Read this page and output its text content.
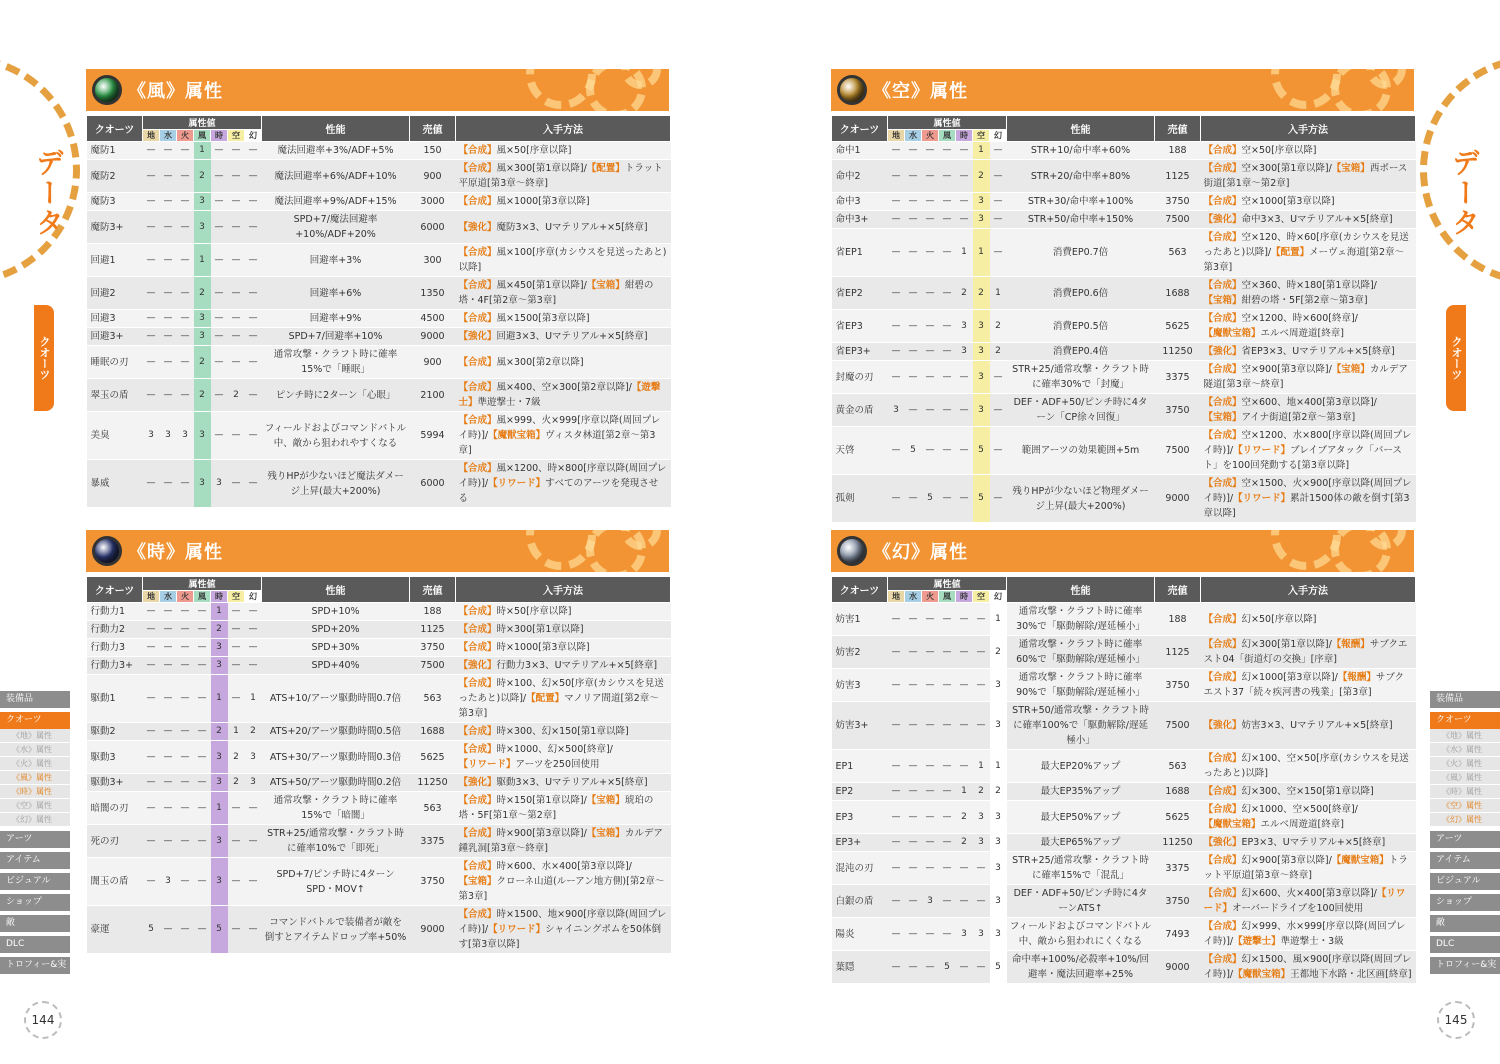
データ	データ
クオーツ	クオーツ
装備品
クオーツ
《地》属性
《水》属性
《火》属性
《風》属性
《時》属性
《空》属性
《幻》属性
アーツ
アイテム
ビジュアル
ショップ
敵
DLC
トロフィー&実績
装備品
クオーツ
《地》属性
《水》属性
《火》属性
《風》属性
《時》属性
《空》属性
《幻》属性
アーツ
アイテム
ビジュアル
ショップ
敵
DLC
トロフィー&実績
144	145
《風》属性
クオーツ	属性値							性能	売値	入手方法
	地	水	火	風	時	空	幻			
魔防1	—	—	—	1	—	—	—	魔法回避率+3%/ADF+5%	150	【合成】風×50[序章以降]
魔防2	—	—	—	2	—	—	—	魔法回避率+6%/ADF+10%	900	【合成】風×300[第1章以降]/【配置】トラット平原道[第3章～終章]
魔防3	—	—	—	3	—	—	—	魔法回避率+9%/ADF+15%	3000	【合成】風×1000[第3章以降]
魔防3+	—	—	—	3	—	—	—	SPD+7/魔法回避率+10%/ADF+20%	6000	【強化】魔防3×3、Uマテリアル+×5[終章]
回避1	—	—	—	1	—	—	—	回避率+3%	300	【合成】風×100[序章(カシウスを見送ったあと)以降]
回避2	—	—	—	2	—	—	—	回避率+6%	1350	【合成】風×450[第1章以降]/【宝箱】紺碧の塔・4F[第2章～第3章]
回避3	—	—	—	3	—	—	—	回避率+9%	4500	【合成】風×1500[第3章以降]
回避3+	—	—	—	3	—	—	—	SPD+7/回避率+10%	9000	【強化】回避3×3、Uマテリアル+×5[終章]
睡眠の刃	—	—	—	2	—	—	—	通常攻撃・クラフト時に確率15%で「睡眠」	900	【合成】風×300[第2章以降]
翠玉の盾	—	—	—	2	—	2	—	ピンチ時に2ターン「心眼」	2100	【合成】風×400、空×300[第2章以降]/【遊撃士】準遊撃士・7級
美臭	3	3	3	3	—	—	—	フィールドおよびコマンドバトル中、敵から狙われやすくなる	5994	【合成】風×999、火×999[序章以降(周回プレイ時)]/【魔獣宝箱】ヴィスタ林道[第2章～第3章]
暴威	—	—	—	3	3	—	—	残りHPが少ないほど魔法ダメージ上昇(最大+200%)	6000	【合成】風×1200、時×800[序章以降(周回プレイ時)]/【リワード】すべてのアーツを発現させる
《時》属性
クオーツ	属性値							性能	売値	入手方法
	地	水	火	風	時	空	幻			
行動力1	—	—	—	—	1	—	—	SPD+10%	188	【合成】時×50[序章以降]
行動力2	—	—	—	—	2	—	—	SPD+20%	1125	【合成】時×300[第1章以降]
行動力3	—	—	—	—	3	—	—	SPD+30%	3750	【合成】時×1000[第3章以降]
行動力3+	—	—	—	—	3	—	—	SPD+40%	7500	【強化】行動力3×3、Uマテリアル+×5[終章]
駆動1	—	—	—	—	1	—	1	ATS+10/アーツ駆動時間0.7倍	563	【合成】時×100、幻×50[序章(カシウスを見送ったあと)以降]/【配置】マノリア間道[第2章～第3章]
駆動2	—	—	—	—	2	1	2	ATS+20/アーツ駆動時間0.5倍	1688	【合成】時×300、幻×150[第1章以降]
駆動3	—	—	—	—	3	2	3	ATS+30/アーツ駆動時間0.3倍	5625	【合成】時×1000、幻×500[終章]/【リワード】アーツを250回使用
駆動3+	—	—	—	—	3	2	3	ATS+50/アーツ駆動時間0.2倍	11250	【強化】駆動3×3、Uマテリアル+×5[終章]
暗闇の刃	—	—	—	—	1	—	—	通常攻撃・クラフト時に確率15%で「暗闇」	563	【合成】時×150[第1章以降]/【宝箱】琥珀の塔・5F[第1章～第2章]
死の刃	—	—	—	—	3	—	—	STR+25/通常攻撃・クラフト時に確率10%で「即死」	3375	【合成】時×900[第3章以降]/【宝箱】カルデア鍾乳洞[第3章～終章]
闇玉の盾	—	3	—	—	3	—	—	SPD+7/ピンチ時に4ターンSPD・MOV↑	3750	【合成】時×600、水×400[第3章以降]/【宝箱】クローネ山道(ルーアン地方側)[第2章～第3章]
豪運	5	—	—	—	5	—	—	コマンドバトルで装備者が敵を倒すとアイテムドロップ率+50%	9000	【合成】時×1500、地×900[序章以降(周回プレイ時)]/【リワード】シャイニングポムを50体倒す[第3章以降]
《空》属性
クオーツ	属性値							性能	売値	入手方法
	地	水	火	風	時	空	幻			
命中1	—	—	—	—	—	1	—	STR+10/命中率+60%	188	【合成】空×50[序章以降]
命中2	—	—	—	—	—	2	—	STR+20/命中率+80%	1125	【合成】空×300[第1章以降]/【宝箱】西ボース街道[第1章～第2章]
命中3	—	—	—	—	—	3	—	STR+30/命中率+100%	3750	【合成】空×1000[第3章以降]
命中3+	—	—	—	—	—	3	—	STR+50/命中率+150%	7500	【強化】命中3×3、Uマテリアル+×5[終章]
省EP1	—	—	—	—	1	1	—	消費EP0.7倍	563	【合成】空×120、時×60[序章(カシウスを見送ったあと)以降]/【配置】メーヴェ海道[第2章～第3章]
省EP2	—	—	—	—	2	2	1	消費EP0.6倍	1688	【合成】空×360、時×180[第1章以降]/【宝箱】紺碧の塔・5F[第2章～第3章]
省EP3	—	—	—	—	3	3	2	消費EP0.5倍	5625	【合成】空×1200、時×600[終章]/【魔獣宝箱】エルベ周遊道[終章]
省EP3+	—	—	—	—	3	3	2	消費EP0.4倍	11250	【強化】省EP3×3、Uマテリアル+×5[終章]
封魔の刃	—	—	—	—	—	3	—	STR+25/通常攻撃・クラフト時に確率30%で「封魔」	3375	【合成】空×900[第3章以降]/【宝箱】カルデア隧道[第3章～終章]
黄金の盾	3	—	—	—	—	3	—	DEF・ADF+50/ピンチ時に4ターン「CP徐々回復」	3750	【合成】空×600、地×400[第3章以降]/【宝箱】アイナ街道[第2章～第3章]
天啓	—	5	—	—	—	5	—	範囲アーツの効果範囲+5m	7500	【合成】空×1200、水×800[序章以降(周回プレイ時)]/【リワード】ブレイブアタック「バースト」を100回発動する[第3章以降]
孤剣	—	—	5	—	—	5	—	残りHPが少ないほど物理ダメージ上昇(最大+200%)	9000	【合成】空×1500、火×900[序章以降(周回プレイ時)]/【リワード】累計1500体の敵を倒す[第3章以降]
《幻》属性
クオーツ	属性値							性能	売値	入手方法
	地	水	火	風	時	空	幻			
妨害1	—	—	—	—	—	—	1	通常攻撃・クラフト時に確率30%で「駆動解除/遅延極小」	188	【合成】幻×50[序章以降]
妨害2	—	—	—	—	—	—	2	通常攻撃・クラフト時に確率60%で「駆動解除/遅延極小」	1125	【合成】幻×300[第1章以降]/【報酬】サブクエスト04「街道灯の交換」[序章]
妨害3	—	—	—	—	—	—	3	通常攻撃・クラフト時に確率90%で「駆動解除/遅延極小」	3750	【合成】幻×1000[第3章以降]/【報酬】サブクエスト37「続々疾河書の残業」[第3章]
妨害3+	—	—	—	—	—	—	3	STR+50/通常攻撃・クラフト時に確率100%で「駆動解除/遅延極小」	7500	【強化】妨害3×3、Uマテリアル+×5[終章]
EP1	—	—	—	—	—	1	1	最大EP20%アップ	563	【合成】幻×100、空×50[序章(カシウスを見送ったあと)以降]
EP2	—	—	—	—	1	2	2	最大EP35%アップ	1688	【合成】幻×300、空×150[第1章以降]
EP3	—	—	—	—	2	3	3	最大EP50%アップ	5625	【合成】幻×1000、空×500[終章]/【魔獣宝箱】エルベ周遊道[終章]
EP3+	—	—	—	—	2	3	3	最大EP65%アップ	11250	【強化】EP3×3、Uマテリアル+×5[終章]
混沌の刃	—	—	—	—	—	—	3	STR+25/通常攻撃・クラフト時に確率15%で「混乱」	3375	【合成】幻×900[第3章以降]/【魔獣宝箱】トラット平原道[第3章～終章]
白銀の盾	—	—	3	—	—	—	3	DEF・ADF+50/ピンチ時に4ターンATS↑	3750	【合成】幻×600、火×400[第3章以降]/【リワード】オーバードライブを100回使用
陽炎	—	—	—	—	3	3	3	フィールドおよびコマンドバトル中、敵から狙われにくくなる	7493	【合成】幻×999、水×999[序章以降(周回プレイ時)]/【遊撃士】準遊撃士・3級
葉隠	—	—	—	5	—	—	5	命中率+100%/必殺率+10%/回避率・魔法回避率+25%	9000	【合成】幻×1500、風×900[序章以降(周回プレイ時)]/【魔獣宝箱】王都地下水路・北区画[終章]
